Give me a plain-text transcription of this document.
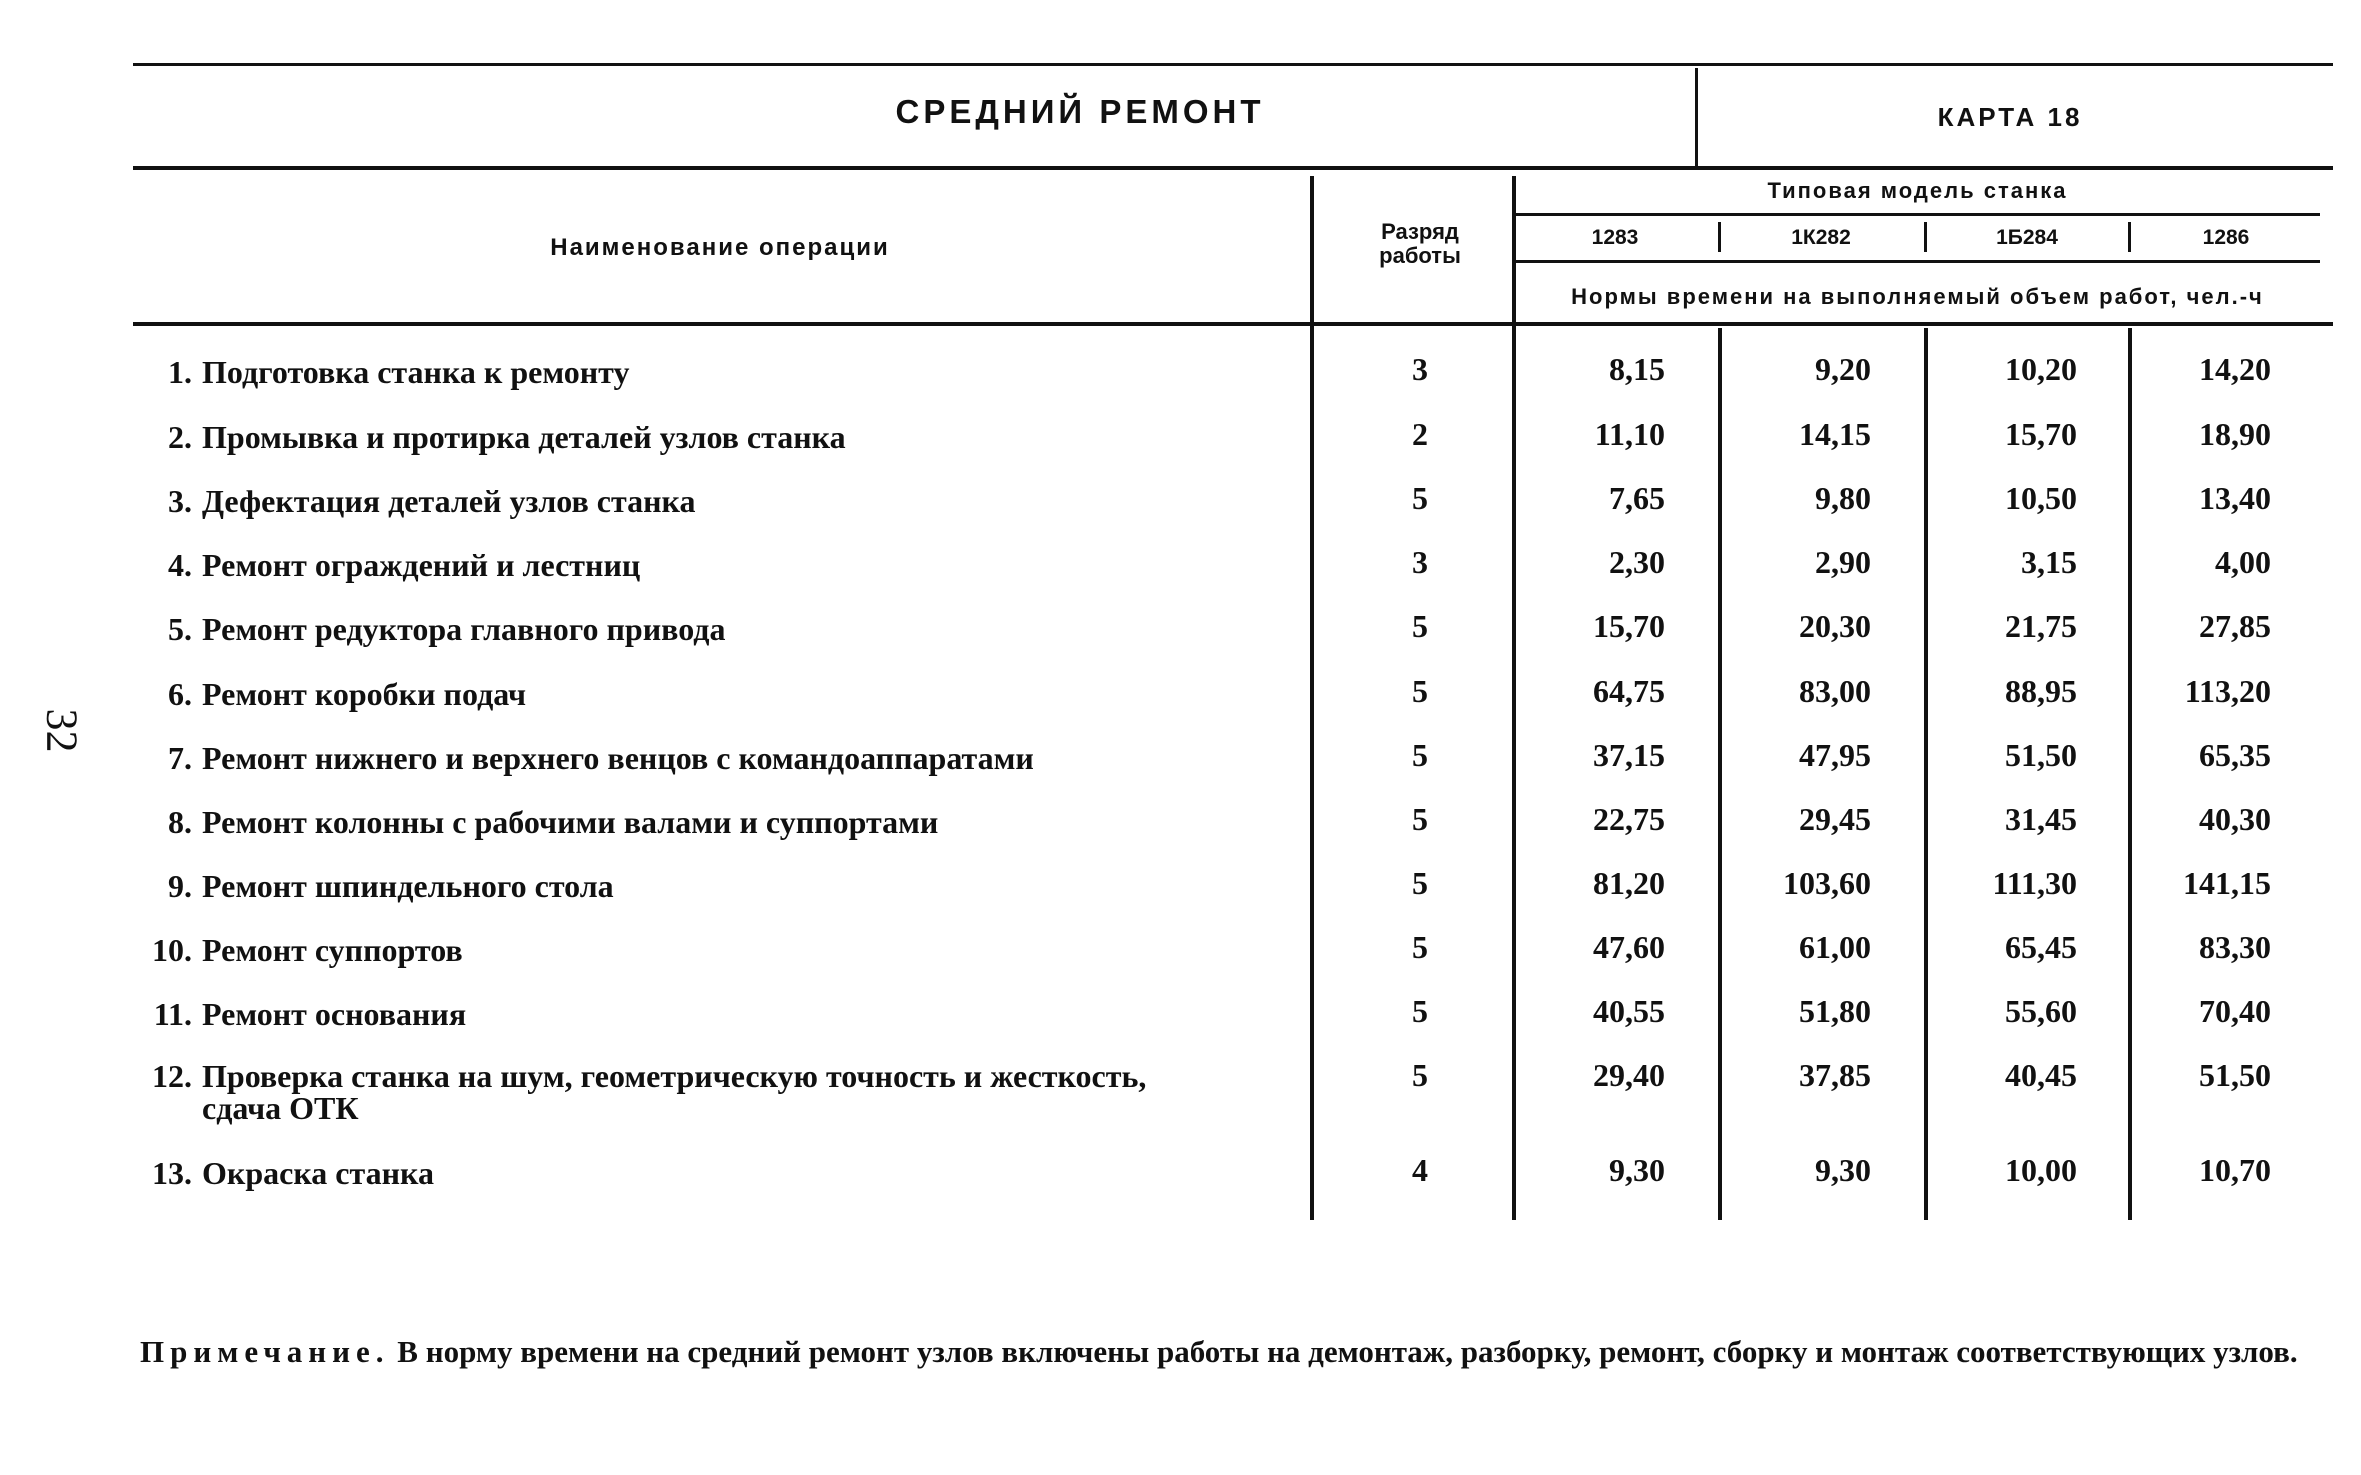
СРЕДНИЙ РЕМОНТ	КАРТА 18
Наименование операции
Разряд
работы
Типовая модель станка
1283	1К282	1Б284	1286
Нормы времени на выполняемый объем работ, чел.-ч
1. Подготовка станка к ремонту	3	8,15	9,20	10,20	14,20
2. Промывка и протирка деталей узлов станка	2	11,10	14,15	15,70	18,90
3. Дефектация деталей узлов станка	5	7,65	9,80	10,50	13,40
4. Ремонт ограждений и лестниц	3	2,30	2,90	3,15	4,00
5. Ремонт редуктора главного привода	5	15,70	20,30	21,75	27,85
6. Ремонт коробки подач	5	64,75	83,00	88,95	113,20
7. Ремонт нижнего и верхнего венцов с командоаппаратами	5	37,15	47,95	51,50	65,35
8. Ремонт колонны с рабочими валами и суппортами	5	22,75	29,45	31,45	40,30
9. Ремонт шпиндельного стола	5	81,20	103,60	111,30	141,15
10. Ремонт суппортов	5	47,60	61,00	65,45	83,30
11. Ремонт основания	5	40,55	51,80	55,60	70,40
12. Проверка станка на шум, геометрическую точность и жесткость,
сдача ОТК
5	29,40	37,85	40,45	51,50
13. Окраска станка	4	9,30	9,30	10,00	10,70
32
Примечание. В норму времени на средний ремонт узлов включены работы на демонтаж, разборку, ремонт, сборку и монтаж соответствующих узлов.
